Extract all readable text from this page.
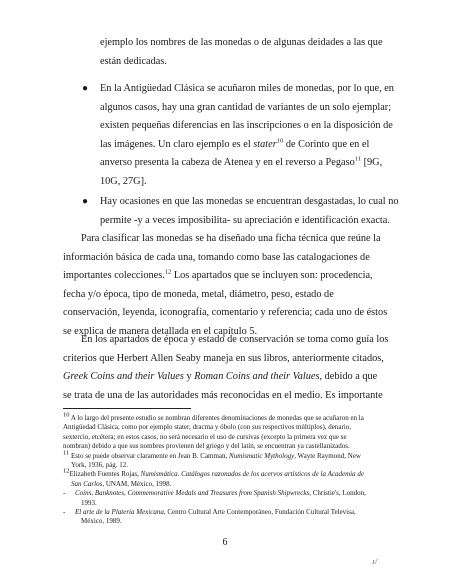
ejemplo los nombres de las monedas o de algunas deidades a las que
están dedicadas.
● En la Antigüedad Clásica se acuñaron miles de monedas, por lo que, en
algunos casos, hay una gran cantidad de variantes de un solo ejemplar;
existen pequeñas diferencias en las inscripciones o en la disposición de
las imágenes. Un claro ejemplo es el stater$^{10}$ de Corinto que en el
anverso presenta la cabeza de Atenea y en el reverso a Pegaso$^{11}$ [9G,
10G, 27G].
● Hay ocasiones en que las monedas se encuentran desgastadas, lo cual no
permite -y a veces imposibilita- su apreciación e identificación exacta.
Para clasificar las monedas se ha diseñado una ficha técnica que reúne la
información básica de cada una, tomando como base las catalogaciones de
importantes colecciones.$^{12}$ Los apartados que se incluyen son: procedencia,
fecha y/o época, tipo de moneda, metal, diámetro, peso, estado de
conservación, leyenda, iconografía, comentario y referencia; cada uno de éstos
se explica de manera detallada en el capítulo 5.
En los apartados de época y estado de conservación se toma como guía los
criterios que Herbert Allen Seaby maneja en sus libros, anteriormente citados,
Greek Coins and their Values y Roman Coins and their Values, debido a que
se trata de una de las autoridades más reconocidas en el medio. Es importante
$^{10}$ A lo largo del presente estudio se nombran diferentes denominaciones de monedas que se acuñaron en la
Antigüedad Clásica, como por ejemplo stater, dracma y óbolo (con sus respectivos múltiplos), denario,
sextercio, etcétera; en estos casos, no será necesario el uso de cursivas (excepto la primera vez que se
nombran) debido a que sus nombres provienen del griego y del latín, se encuentran ya castellanizados.
$^{11}$ Esto se puede observar claramente en Jean B. Camman, Numismatic Mythology, Wayte Raymond, New
York, 1936, pág. 12.
$^{12}$Elizabeth Fuentes Rojas, Numismática. Catálogos razonados de los acervos artísticos de la Academia de
San Carlos, UNAM, México, 1998.
-	Coins, Banknotes, Commemorative Medals and Treasures from Spanish Shipwrecks, Christie's, London,
1993.
-	El arte de la Platería Mexicana, Centro Cultural Arte Contemporáneo, Fundación Cultural Televisa,
México, 1989.
6
ᴊ/
